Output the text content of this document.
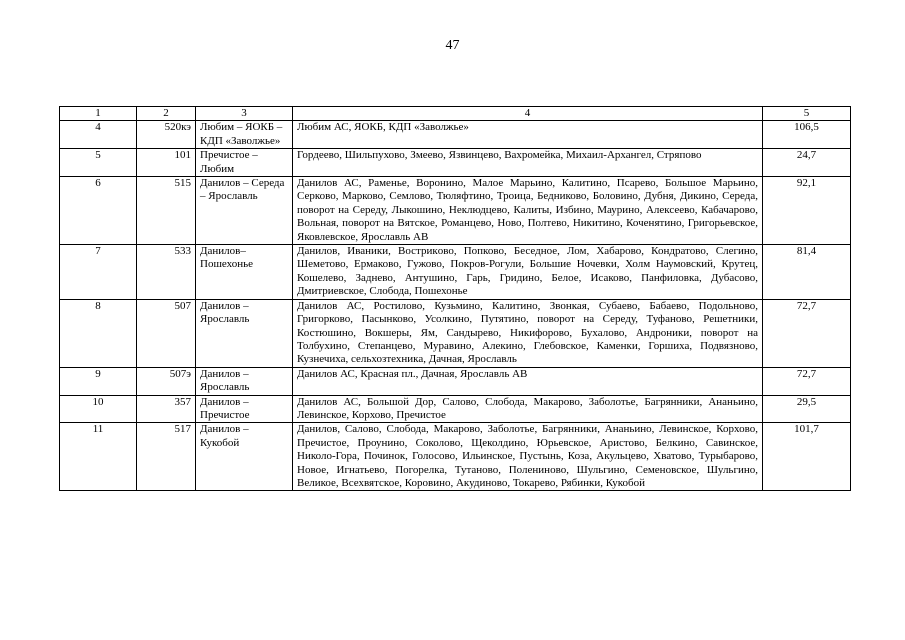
47
1	2	3	4	5
4	520кэ	Любим – ЯОКБ – КДП «Заволжье»	Любим АС, ЯОКБ, КДП «Заволжье»	106,5
5	101	Пречистое – Любим	Гордеево, Шильпухово, Змеево, Язвинцево, Вахромейка, Михаил-Архангел, Стряпово	24,7
6	515	Данилов – Середа – Ярославль	Данилов АС, Раменье, Воронино, Малое Марьино, Калитино, Псарево, Большое Марьино, Серково, Марково, Семлово, Тюляфтино, Троица, Бедниково, Боловино, Дубня, Дикино, Середа, поворот на Середу, Лыкошино, Неклюдцево, Калиты, Избино, Маурино, Алексеево, Кабачарово, Вольная, поворот на Вятское, Романцево, Ново, Полтево, Никитино, Коченятино, Григорьевское, Яковлевское, Ярославль АВ	92,1
7	533	Данилов– Пошехонье	Данилов, Иваники, Вострикoво, Попково, Беседное, Лом, Хабарово, Кондратово, Слегино, Шеметово, Ермаково, Гужово, Покров-Рогули, Большие Ночевки, Холм Наумовский, Крутец, Кошелево, Заднево, Антушино, Гарь, Гридино, Белое, Исаково, Панфиловка, Дубасово, Дмитриевское, Слобода, Пошехонье	81,4
8	507	Данилов – Ярославль	Данилов АС, Ростилово, Кузьмино, Калитино, Звонкая, Субаево, Бабаево, Подольново, Григорково, Пасынково, Усолкино, Путятино, поворот на Середу, Туфаново, Решетники, Костюшино, Вокшеры, Ям, Сандырево, Никифорово, Бухалово, Андроники, поворот на Толбухино, Степанцево, Муравино, Алекино, Глебовское, Каменки, Горшиха, Подвязново, Кузнечиха, сельхозтехника, Дачная, Ярославль	72,7
9	507э	Данилов – Ярославль	Данилов АС, Красная пл., Дачная, Ярославль АВ	72,7
10	357	Данилов – Пречистое	Данилов АС, Большой Дор, Салово, Слобода, Макарово, Заболотье, Багрянники, Ананьино, Левинское, Корхово, Пречистое	29,5
11	517	Данилов – Кукобой	Данилов, Салово, Слобода, Макарово, Заболотье, Багрянники, Ананьино, Левинское, Корхово, Пречистое, Проунино, Соколово, Щеколдино, Юрьевское, Аристово, Белкино, Савинское, Николо-Гора, Починок, Голосово, Ильинское, Пустынь, Коза, Акульцево, Хватово, Турыбарово, Новое, Игнатьево, Погорелка, Тутаново, Поленинoво, Шульгино, Семеновское, Шульгино, Великое, Всехвятское, Коровино, Акудиново, Токарево, Рябинки, Кукобой	101,7
